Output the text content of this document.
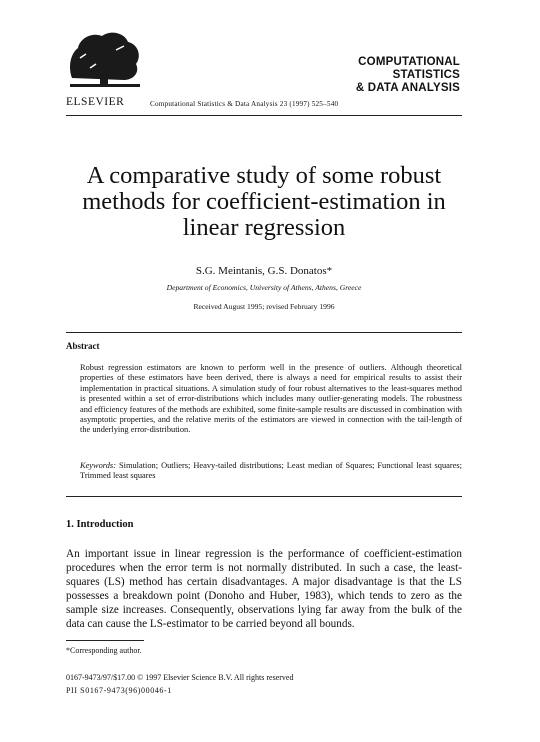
ELSEVIER	Computational Statistics & Data Analysis 23 (1997) 525–540
COMPUTATIONAL
STATISTICS
& DATA ANALYSIS
A comparative study of some robust methods for coefficient-estimation in linear regression
S.G. Meintanis, G.S. Donatos*
Department of Economics, University of Athens, Athens, Greece
Received August 1995; revised February 1996
Abstract
Robust regression estimators are known to perform well in the presence of outliers. Although theoretical properties of these estimators have been derived, there is always a need for empirical results to assist their implementation in practical situations. A simulation study of four robust alternatives to the least-squares method is presented within a set of error-distributions which includes many outlier-generating models. The robustness and efficiency features of the methods are exhibited, some finite-sample results are discussed in combination with asymptotic properties, and the relative merits of the estimators are viewed in connection with the tail-length of the underlying error-distribution.
Keywords: Simulation; Outliers; Heavy-tailed distributions; Least median of Squares; Functional least squares; Trimmed least squares
1. Introduction
An important issue in linear regression is the performance of coefficient-estimation procedures when the error term is not normally distributed. In such a case, the least-squares (LS) method has certain disadvantages. A major disadvantage is that the LS possesses a breakdown point (Donoho and Huber, 1983), which tends to zero as the sample size increases. Consequently, observations lying far away from the bulk of the data can cause the LS-estimator to be carried beyond all bounds.
*Corresponding author.
0167-9473/97/$17.00 © 1997 Elsevier Science B.V. All rights reserved
PII S0167-9473(96)00046-1
